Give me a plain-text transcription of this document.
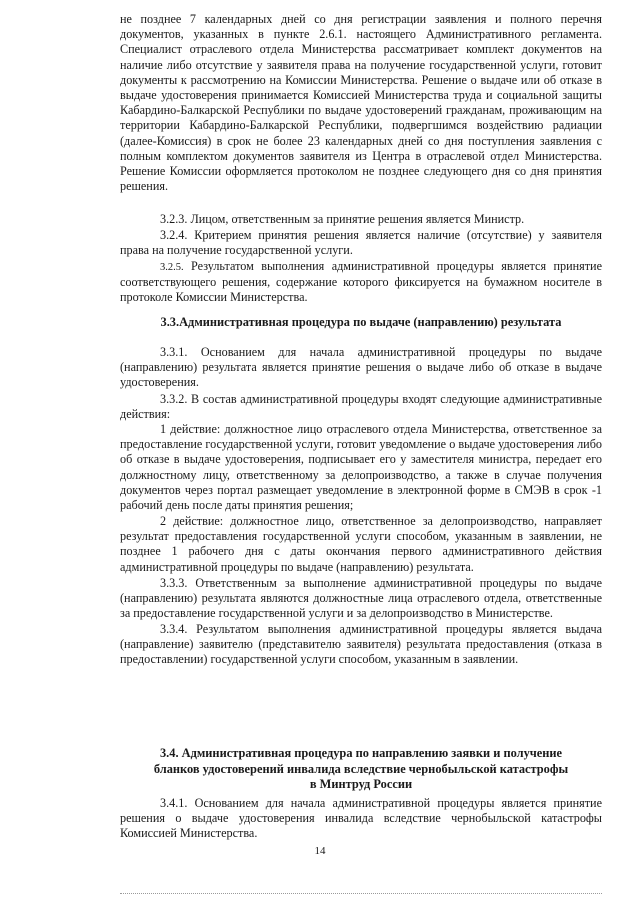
не позднее 7 календарных дней со дня регистрации заявления и полного перечня документов, указанных в пункте 2.6.1. настоящего Административного регламента. Специалист отраслевого отдела Министерства рассматривает комплект документов на наличие либо отсутствие у заявителя права на получение государственной услуги, готовит документы к рассмотрению на Комиссии Министерства. Решение о выдаче или об отказе в выдаче удостоверения принимается Комиссией Министерства труда и социальной защиты Кабардино-Балкарской Республики по выдаче удостоверений гражданам, проживающим на территории Кабардино-Балкарской Республики, подвергшимся воздействию радиации (далее-Комиссия) в срок не более 23 календарных дней со дня поступления заявления с полным комплектом документов заявителя из Центра в отраслевой отдел Министерства. Решение Комиссии оформляется протоколом не позднее следующего дня со дня принятия решения.

3.2.3. Лицом, ответственным за принятие решения является Министр.

3.2.4. Критерием принятия решения является наличие (отсутствие) у заявителя права на получение государственной услуги.

3.2.5. Результатом выполнения административной процедуры является принятие соответствующего решения, содержание которого фиксируется на бумажном носителе в протоколе Комиссии Министерства.

3.3.Административная процедура по выдаче (направлению) результата

3.3.1. Основанием для начала административной процедуры по выдаче (направлению) результата является принятие решения о выдаче либо об отказе в выдаче удостоверения.

3.3.2. В состав административной процедуры входят следующие административные действия:

1 действие: должностное лицо отраслевого отдела Министерства, ответственное за предоставление государственной услуги, готовит уведомление о выдаче удостоверения либо об отказе в выдаче удостоверения, подписывает его у заместителя министра, передает его должностному лицу, ответственному за делопроизводство, а также в случае получения документов через портал размещает уведомление в электронной форме в СМЭВ в срок -1 рабочий день после даты принятия решения;

2 действие: должностное лицо, ответственное за делопроизводство, направляет результат предоставления государственной услуги способом, указанным в заявлении, не позднее 1 рабочего дня с даты окончания первого административного действия административной процедуры по выдаче (направлению) результата.

3.3.3. Ответственным за выполнение административной процедуры по выдаче (направлению) результата являются должностные лица отраслевого отдела, ответственные за предоставление государственной услуги и за делопроизводство в Министерстве.

3.3.4. Результатом выполнения административной процедуры является выдача (направление) заявителю (представителю заявителя) результата предоставления (отказа в предоставлении) государственной услуги способом, указанным в заявлении.

3.4. Административная процедура по направлению заявки и получение

бланков удостоверений инвалида вследствие чернобыльской катастрофы

в Минтруд России

3.4.1. Основанием для начала административной процедуры является принятие решения о выдаче удостоверения инвалида вследствие чернобыльской катастрофы Комиссией Министерства.

14
